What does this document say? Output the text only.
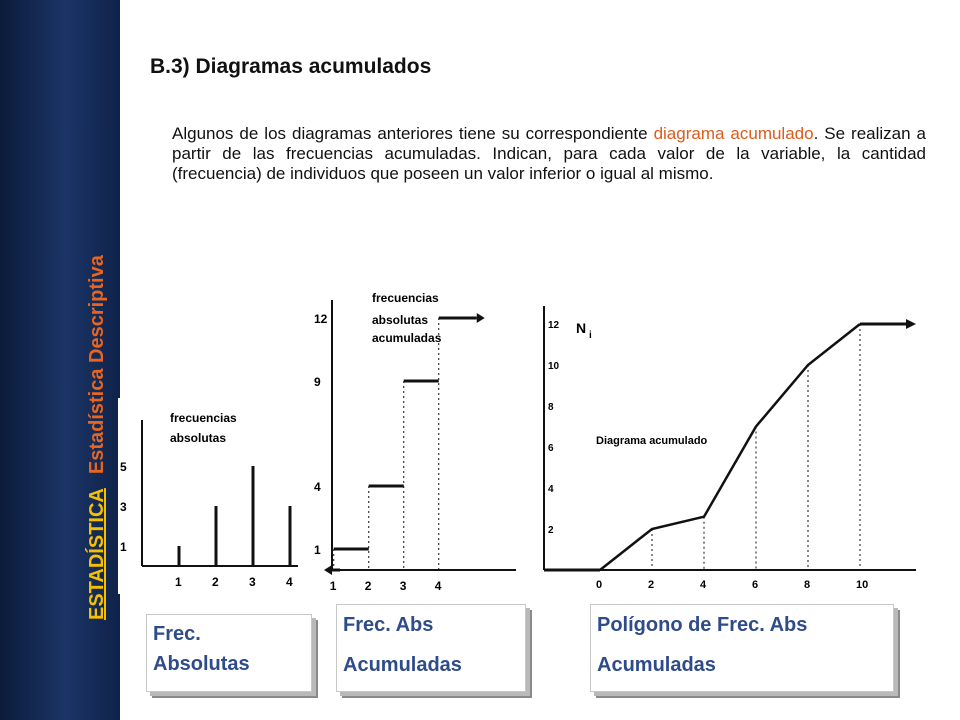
ESTADÍSTICAEstadística Descriptiva
B.3) Diagramas acumulados

Algunos de los diagramas anteriores tiene su correspondiente diagrama acumulado. Se realizan a partir de las frecuencias acumuladas. Indican, para cada valor de la variable, la cantidad (frecuencia) de individuos que poseen un valor inferior o igual al mismo.

frecuencias
absolutas
5
3
1
1	2	3	4
frecuencias
absolutas
acumuladas
1
4
9
12
1 2 3 4
N i
Diagrama acumulado
12
10
8
6
4
2
0	2	4	6	8	10
Frec.
Absolutas
Frec. Abs
Acumuladas
Polígono de Frec. Abs
Acumuladas
